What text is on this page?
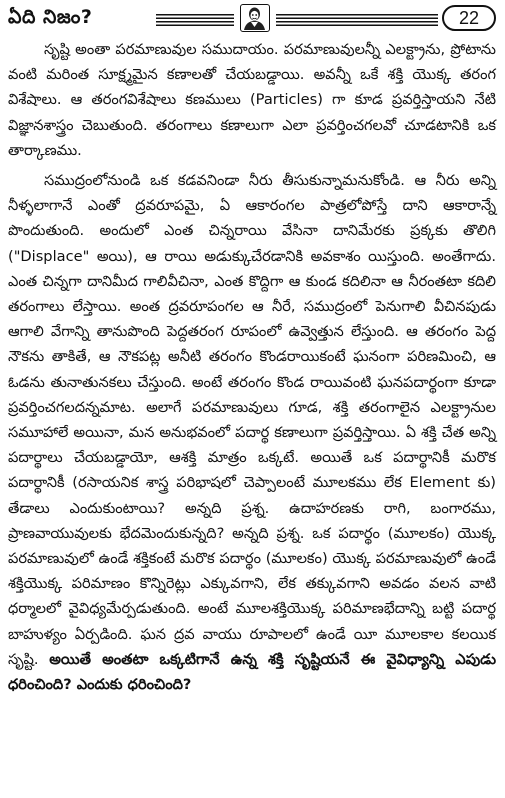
ఏది నిజం?	22

సృష్టి అంతా పరమాణువుల సముదాయం. పరమాణువులన్నీ ఎలక్ట్రాను, ప్రోటాను వంటి మరింత సూక్ష్మమైన కణాలతో చేయబడ్డాయి. అవన్నీ ఒకే శక్తి యొక్క తరంగ విశేషాలు. ఆ తరంగవిశేషాలు కణములు (Particles) గా కూడ ప్రవర్తిస్తాయని నేటి విజ్ఞానశాస్త్రం చెబుతుంది. తరంగాలు కణాలుగా ఎలా ప్రవర్తించగలవో చూడటానికి ఒక తార్కాణము.

సముద్రంలోనుండి ఒక కడవనిండా నీరు తీసుకున్నామనుకోండి. ఆ నీరు అన్ని నీళ్ళలాగానే ఎంతో ద్రవరూపమై, ఏ ఆకారంగల పాత్రలోపోస్తే దాని ఆకారాన్నే పొందుతుంది. అందులో ఎంత చిన్నరాయి వేసినా దానిమేరకు ప్రక్కకు తొలిగి ("Displace" అయి), ఆ రాయి అడుక్కుచేరడానికి అవకాశం యిస్తుంది. అంతేగాదు. ఎంత చిన్నగా దానిమీద గాలివీచినా, ఎంత కొద్దిగా ఆ కుండ కదిలినా ఆ నీరంతటా కదిలి తరంగాలు లేస్తాయి. అంత ద్రవరూపంగల ఆ నీరే, సముద్రంలో పెనుగాలి వీచినపుడు ఆగాలి వేగాన్ని తానుపొంది పెద్దతరంగ రూపంలో ఉవ్వెత్తున లేస్తుంది. ఆ తరంగం పెద్ద నౌకను తాకితే, ఆ నౌకపట్ల అనీటి తరంగం కొండరాయికంటే ఘనంగా పరిణమించి, ఆ ఓడను తునాతునకలు చేస్తుంది. అంటే తరంగం కొండ రాయివంటి ఘనపదార్థంగా కూడా ప్రవర్తించగలదన్నమాట. అలాగే పరమాణువులు గూడ, శక్తి తరంగాలైన ఎలక్ట్రానుల సమూహాలే అయినా, మన అనుభవంలో పదార్థ కణాలుగా ప్రవర్తిస్తాయి. ఏ శక్తి చేత అన్ని పదార్థాలు చేయబడ్డాయో, ఆశక్తి మాత్రం ఒక్కటే. అయితే ఒక పదార్థానికీ మరొక పదార్థానికీ (రసాయనిక శాస్త్ర పరిభాషలో చెప్పాలంటే మూలకము లేక Element కు) తేడాలు ఎందుకుంటాయి? అన్నది ప్రశ్న. ఉదాహరణకు రాగి, బంగారము, ప్రాణవాయువులకు భేదమెందుకున్నది? అన్నది ప్రశ్న. ఒక పదార్థం (మూలకం) యొక్క పరమాణువులో ఉండే శక్తికంటే మరొక పదార్థం (మూలకం) యొక్క పరమాణువులో ఉండే శక్తియొక్క పరిమాణం కొన్నిరెట్లు ఎక్కువగాని, లేక తక్కువగాని అవడం వలన వాటి ధర్మాలలో వైవిధ్యమేర్పడుతుంది. అంటే మూలశక్తియొక్క పరిమాణభేదాన్ని బట్టి పదార్థ బాహుళ్యం ఏర్పడింది. ఘన ద్రవ వాయు రూపాలలో ఉండే యీ మూలకాల కలయిక సృష్టి. అయితే అంతటా ఒక్కటిగానే ఉన్న శక్తి సృష్టియనే ఈ వైవిధ్యాన్ని ఎపుడు ధరించింది? ఎందుకు ధరించింది?
